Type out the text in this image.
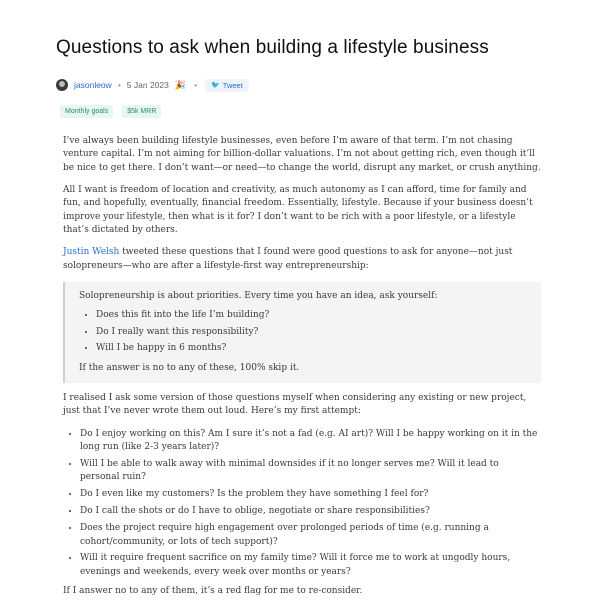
Questions to ask when building a lifestyle business
jasonleow • 5 Jan 2023 🎉 • 🐦 Tweet
Monthly goals	$5k MRR

I’ve always been building lifestyle businesses, even before I’m aware of that term. I’m not chasing venture capital. I’m not aiming for billion-dollar valuations. I’m not about getting rich, even though it’ll be nice to get there. I don’t want—or need—to change the world, disrupt any market, or crush anything.

All I want is freedom of location and creativity, as much autonomy as I can afford, time for family and fun, and hopefully, eventually, financial freedom. Essentially, lifestyle. Because if your business doesn’t improve your lifestyle, then what is it for? I don’t want to be rich with a poor lifestyle, or a lifestyle that’s dictated by others.

Justin Welsh tweeted these questions that I found were good questions to ask for anyone—not just solopreneurs—who are after a lifestyle-first way entrepreneurship:

Solopreneurship is about priorities. Every time you have an idea, ask yourself:

• Does this fit into the life I’m building?
• Do I really want this responsibility?
• Will I be happy in 6 months?

If the answer is no to any of these, 100% skip it.

I realised I ask some version of those questions myself when considering any existing or new project, just that I’ve never wrote them out loud. Here’s my first attempt:

• Do I enjoy working on this? Am I sure it’s not a fad (e.g. AI art)? Will I be happy working on it in the long run (like 2-3 years later)?
• Will I be able to walk away with minimal downsides if it no longer serves me? Will it lead to personal ruin?
• Do I even like my customers? Is the problem they have something I feel for?
• Do I call the shots or do I have to oblige, negotiate or share responsibilities?
• Does the project require high engagement over prolonged periods of time (e.g. running a cohort/community, or lots of tech support)?
• Will it require frequent sacrifice on my family time? Will it force me to work at ungodly hours, evenings and weekends, every week over months or years?

If I answer no to any of them, it’s a red flag for me to re-consider.
